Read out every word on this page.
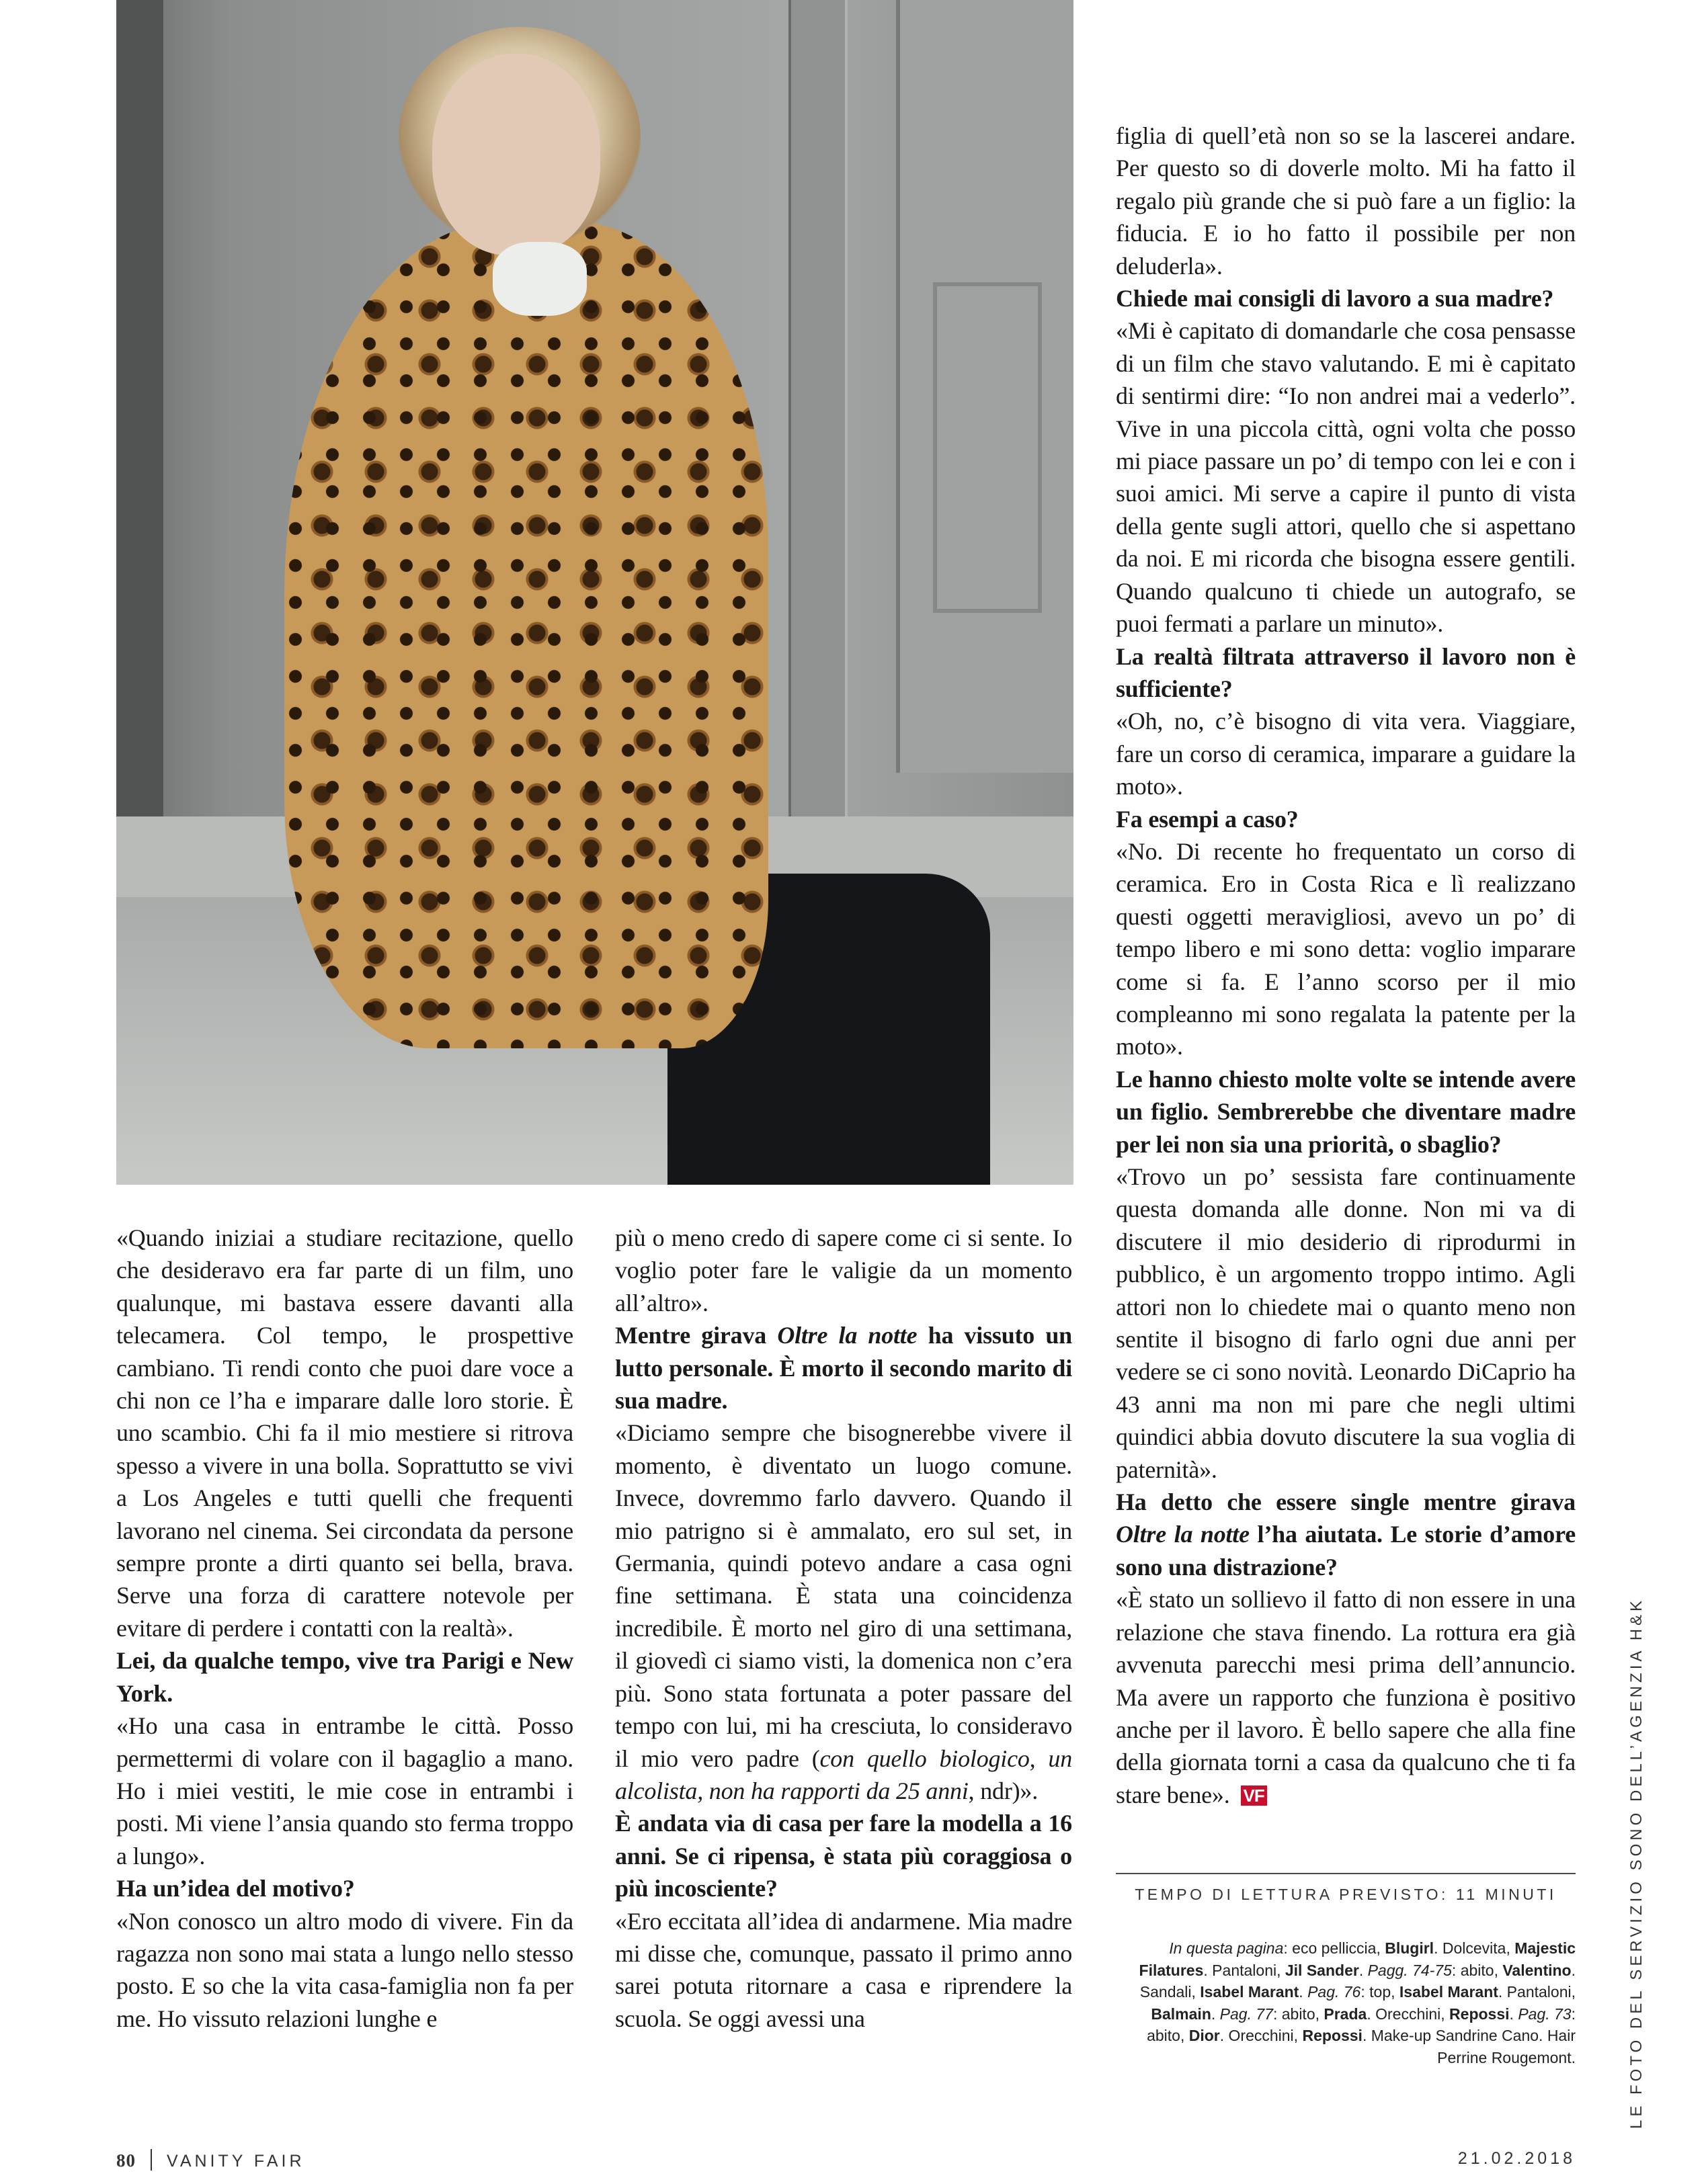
«Quando iniziai a studiare recitazione, quello che desideravo era far parte di un film, uno qualunque, mi bastava essere davanti alla telecamera. Col tempo, le prospettive cambiano. Ti rendi conto che puoi dare voce a chi non ce l’ha e imparare dalle loro storie. È uno scambio. Chi fa il mio mestiere si ritrova spesso a vivere in una bolla. Soprattutto se vivi a Los Angeles e tutti quelli che frequenti lavorano nel cinema. Sei circondata da persone sempre pronte a dirti quanto sei bella, brava. Serve una forza di carattere notevole per evitare di perdere i contatti con la realtà».

Lei, da qualche tempo, vive tra Parigi e New York.

«Ho una casa in entrambe le città. Posso permettermi di volare con il bagaglio a mano. Ho i miei vestiti, le mie cose in entrambi i posti. Mi viene l’ansia quando sto ferma troppo a lungo».

Ha un’idea del motivo?

«Non conosco un altro modo di vivere. Fin da ragazza non sono mai stata a lungo nello stesso posto. E so che la vita casa-famiglia non fa per me. Ho vissuto relazioni lunghe e

più o meno credo di sapere come ci si sente. Io voglio poter fare le valigie da un momento all’altro».

Mentre girava Oltre la notte ha vissuto un lutto personale. È morto il secondo marito di sua madre.

«Diciamo sempre che bisognerebbe vivere il momento, è diventato un luogo comune. Invece, dovremmo farlo davvero. Quando il mio patrigno si è ammalato, ero sul set, in Germania, quindi potevo andare a casa ogni fine settimana. È stata una coincidenza incredibile. È morto nel giro di una settimana, il giovedì ci siamo visti, la domenica non c’era più. Sono stata fortunata a poter passare del tempo con lui, mi ha cresciuta, lo consideravo il mio vero padre (con quello biologico, un alcolista, non ha rapporti da 25 anni, ndr)».

È andata via di casa per fare la modella a 16 anni. Se ci ripensa, è stata più coraggiosa o più incosciente?

«Ero eccitata all’idea di andarmene. Mia madre mi disse che, comunque, passato il primo anno sarei potuta ritornare a casa e riprendere la scuola. Se oggi avessi una

figlia di quell’età non so se la lascerei andare. Per questo so di doverle molto. Mi ha fatto il regalo più grande che si può fare a un figlio: la fiducia. E io ho fatto il possibile per non deluderla».

Chiede mai consigli di lavoro a sua madre?

«Mi è capitato di domandarle che cosa pensasse di un film che stavo valutando. E mi è capitato di sentirmi dire: “Io non andrei mai a vederlo”. Vive in una piccola città, ogni volta che posso mi piace passare un po’ di tempo con lei e con i suoi amici. Mi serve a capire il punto di vista della gente sugli attori, quello che si aspettano da noi. E mi ricorda che bisogna essere gentili. Quando qualcuno ti chiede un autografo, se puoi fermati a parlare un minuto».

La realtà filtrata attraverso il lavoro non è sufficiente?

«Oh, no, c’è bisogno di vita vera. Viaggiare, fare un corso di ceramica, imparare a guidare la moto».

Fa esempi a caso?

«No. Di recente ho frequentato un corso di ceramica. Ero in Costa Rica e lì realizzano questi oggetti meravigliosi, avevo un po’ di tempo libero e mi sono detta: voglio imparare come si fa. E l’anno scorso per il mio compleanno mi sono regalata la patente per la moto».

Le hanno chiesto molte volte se intende avere un figlio. Sembrerebbe che diventare madre per lei non sia una priorità, o sbaglio?

«Trovo un po’ sessista fare continuamente questa domanda alle donne. Non mi va di discutere il mio desiderio di riprodurmi in pubblico, è un argomento troppo intimo. Agli attori non lo chiedete mai o quanto meno non sentite il bisogno di farlo ogni due anni per vedere se ci sono novità. Leonardo DiCaprio ha 43 anni ma non mi pare che negli ultimi quindici abbia dovuto discutere la sua voglia di paternità».

Ha detto che essere single mentre girava Oltre la notte l’ha aiutata. Le storie d’amore sono una distrazione?

«È stato un sollievo il fatto di non essere in una relazione che stava finendo. La rottura era già avvenuta parecchi mesi prima dell’annuncio. Ma avere un rapporto che funziona è positivo anche per il lavoro. È bello sapere che alla fine della giornata torni a casa da qualcuno che ti fa stare bene». VF

TEMPO DI LETTURA PREVISTO: 11 MINUTI
In questa pagina: eco pelliccia, Blugirl. Dolcevita, Majestic Filatures. Pantaloni, Jil Sander. Pagg. 74-75: abito, Valentino. Sandali, Isabel Marant. Pag. 76: top, Isabel Marant. Pantaloni, Balmain. Pag. 77: abito, Prada. Orecchini, Repossi. Pag. 73: abito, Dior. Orecchini, Repossi. Make-up Sandrine Cano. Hair Perrine Rougemont.	LE FOTO DEL SERVIZIO SONO DELL’AGENZIA H&K
80 VANITY FAIR	21.02.2018
